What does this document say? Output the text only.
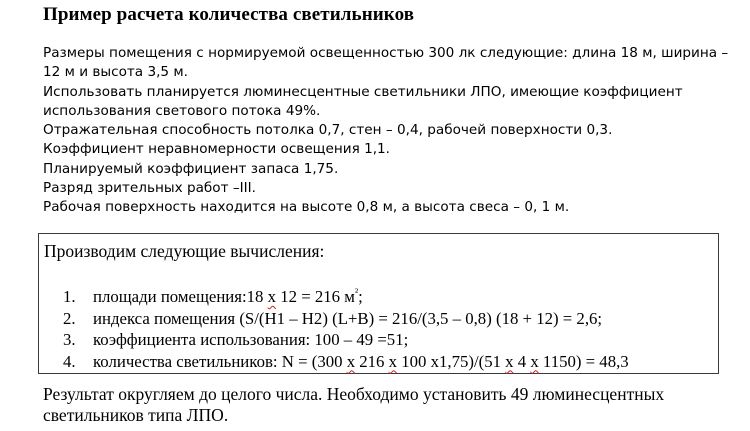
Пример расчета количества светильников
Размеры помещения с нормируемой освещенностью 300 лк следующие: длина 18 м, ширина –
12 м и высота 3,5 м.
Использовать планируется люминесцентные светильники ЛПО, имеющие коэффициент
использования светового потока 49%.
Отражательная способность потолка 0,7, стен – 0,4, рабочей поверхности 0,3.
Коэффициент неравномерности освещения 1,1.
Планируемый коэффициент запаса 1,75.
Разряд зрительных работ –III.
Рабочая поверхность находится на высоте 0,8 м, а высота свеса – 0, 1 м.
Производим следующие вычисления:
1.	площади помещения:18 х 12 = 216 $м^{^2}$;
2.	индекса помещения (S/(H1 – H2) (L+B) = 216/(3,5 – 0,8) (18 + 12) = 2,6;
3.	коэффициента использования: 100 – 49 =51;
4.	количества светильников: N = (300 х 216 х 100 х1,75)/(51 х 4 х 1150) = 48,3
Результат округляем до целого числа. Необходимо установить 49 люминесцентных
светильников типа ЛПО.
